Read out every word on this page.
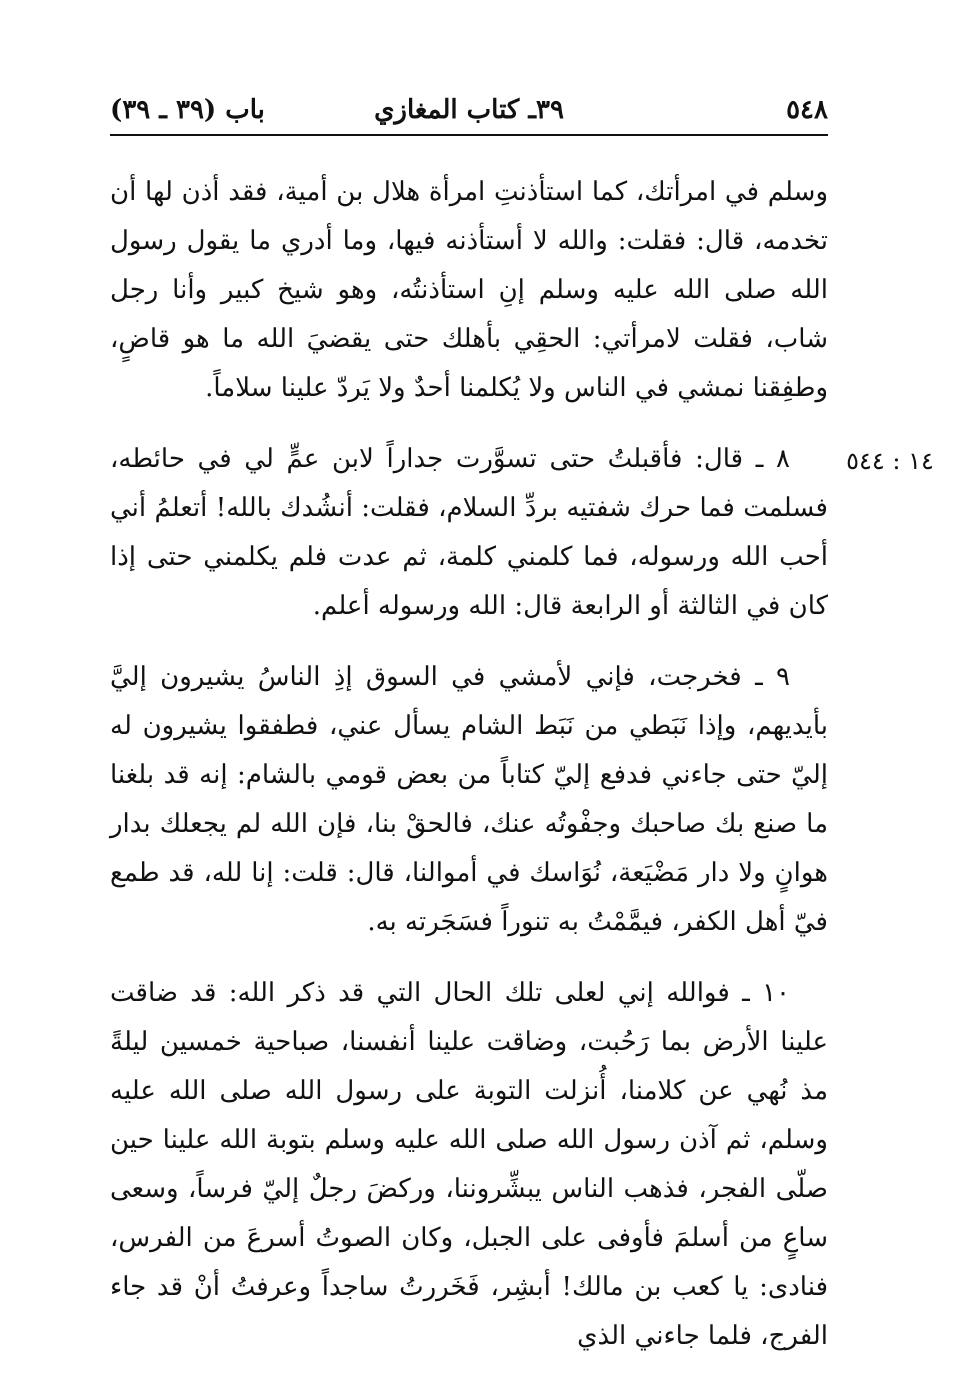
٥٤٨
٣٩ـ كتاب المغازي
باب (٣٩ ـ ٣٩)
١٤ : ٥٤٤

وسلم في امرأتك، كما استأذنتِ امرأة هلال بن أمية، فقد أذن لها أن تخدمه، قال: فقلت: والله لا أستأذنه فيها، وما أدري ما يقول رسول الله صلى الله عليه وسلم إنِ استأذنتُه، وهو شيخ كبير وأنا رجل شاب، فقلت لامرأتي: الحقِي بأهلك حتى يقضيَ الله ما هو قاضٍ، وطفِقنا نمشي في الناس ولا يُكلمنا أحدٌ ولا يَردّ علينا سلاماً.

٨ ـ قال: فأقبلتُ حتى تسوَّرت جداراً لابن عمٍّ لي في حائطه، فسلمت فما حرك شفتيه بردِّ السلام، فقلت: أنشُدك بالله! أتعلمُ أني أحب الله ورسوله، فما كلمني كلمة، ثم عدت فلم يكلمني حتى إذا كان في الثالثة أو الرابعة قال: الله ورسوله أعلم.

٩ ـ فخرجت، فإني لأمشي في السوق إذِ الناسُ يشيرون إليَّ بأيديهم، وإذا نَبَطي من نَبَط الشام يسأل عني، فطفقوا يشيرون له إليّ حتى جاءني فدفع إليّ كتاباً من بعض قومي بالشام: إنه قد بلغنا ما صنع بك صاحبك وجفْوتُه عنك، فالحقْ بنا، فإن الله لم يجعلك بدار هوانٍ ولا دار مَضْيَعة، نُوَاسك في أموالنا، قال: قلت: إنا لله، قد طمع فيّ أهل الكفر، فيمَّمْتُ به تنوراً فسَجَرته به.

١٠ ـ فوالله إني لعلى تلك الحال التي قد ذكر الله: قد ضاقت علينا الأرض بما رَحُبت، وضاقت علينا أنفسنا، صباحية خمسين ليلةً مذ نُهي عن كلامنا، أُنزلت التوبة على رسول الله صلى الله عليه وسلم، ثم آذن رسول الله صلى الله عليه وسلم بتوبة الله علينا حين صلّى الفجر، فذهب الناس يبشِّروننا، وركضَ رجلٌ إليّ فرساً، وسعى ساعٍ من أسلمَ فأوفى على الجبل، وكان الصوتُ أسرعَ من الفرس، فنادى: يا كعب بن مالك! أبشِر، فَخَررتُ ساجداً وعرفتُ أنْ قد جاء الفرج، فلما جاءني الذي
